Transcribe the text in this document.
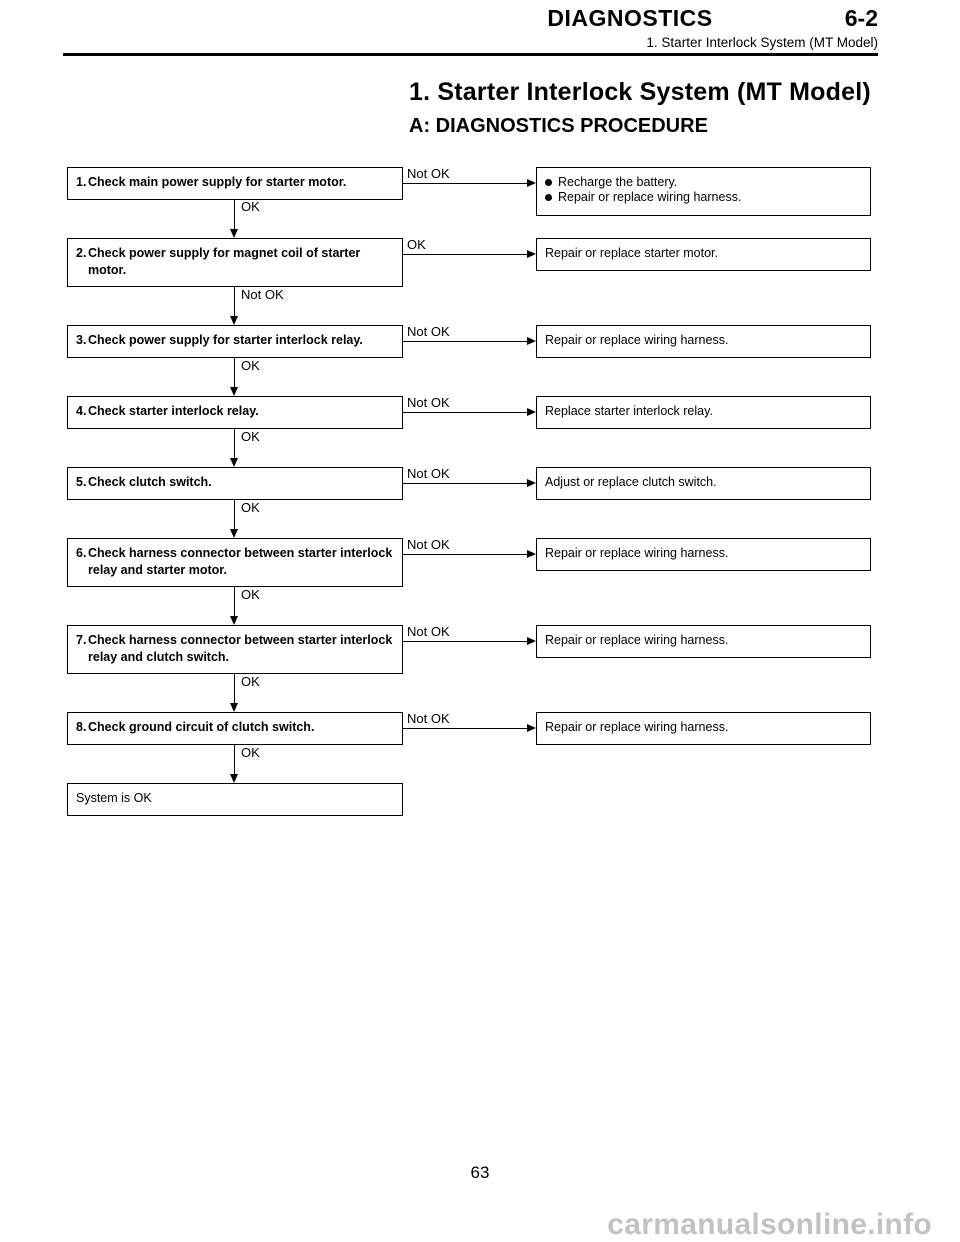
DIAGNOSTICS	6-2
1. Starter Interlock System (MT Model)
1. Starter Interlock System (MT Model)
A: DIAGNOSTICS PROCEDURE
1. Check main power supply for starter motor.
Not OK
Recharge the battery.
Repair or replace wiring harness.
OK
2. Check power supply for magnet coil of starter motor.
OK
Repair or replace starter motor.
Not OK
3. Check power supply for starter interlock relay.
Not OK
Repair or replace wiring harness.
OK
4. Check starter interlock relay.
Not OK
Replace starter interlock relay.
OK
5. Check clutch switch.
Not OK
Adjust or replace clutch switch.
OK
6. Check harness connector between starter interlock relay and starter motor.
Not OK
Repair or replace wiring harness.
OK
7. Check harness connector between starter interlock relay and clutch switch.
Not OK
Repair or replace wiring harness.
OK
8. Check ground circuit of clutch switch.
Not OK
Repair or replace wiring harness.
OK
System is OK
63
carmanualsonline.info
